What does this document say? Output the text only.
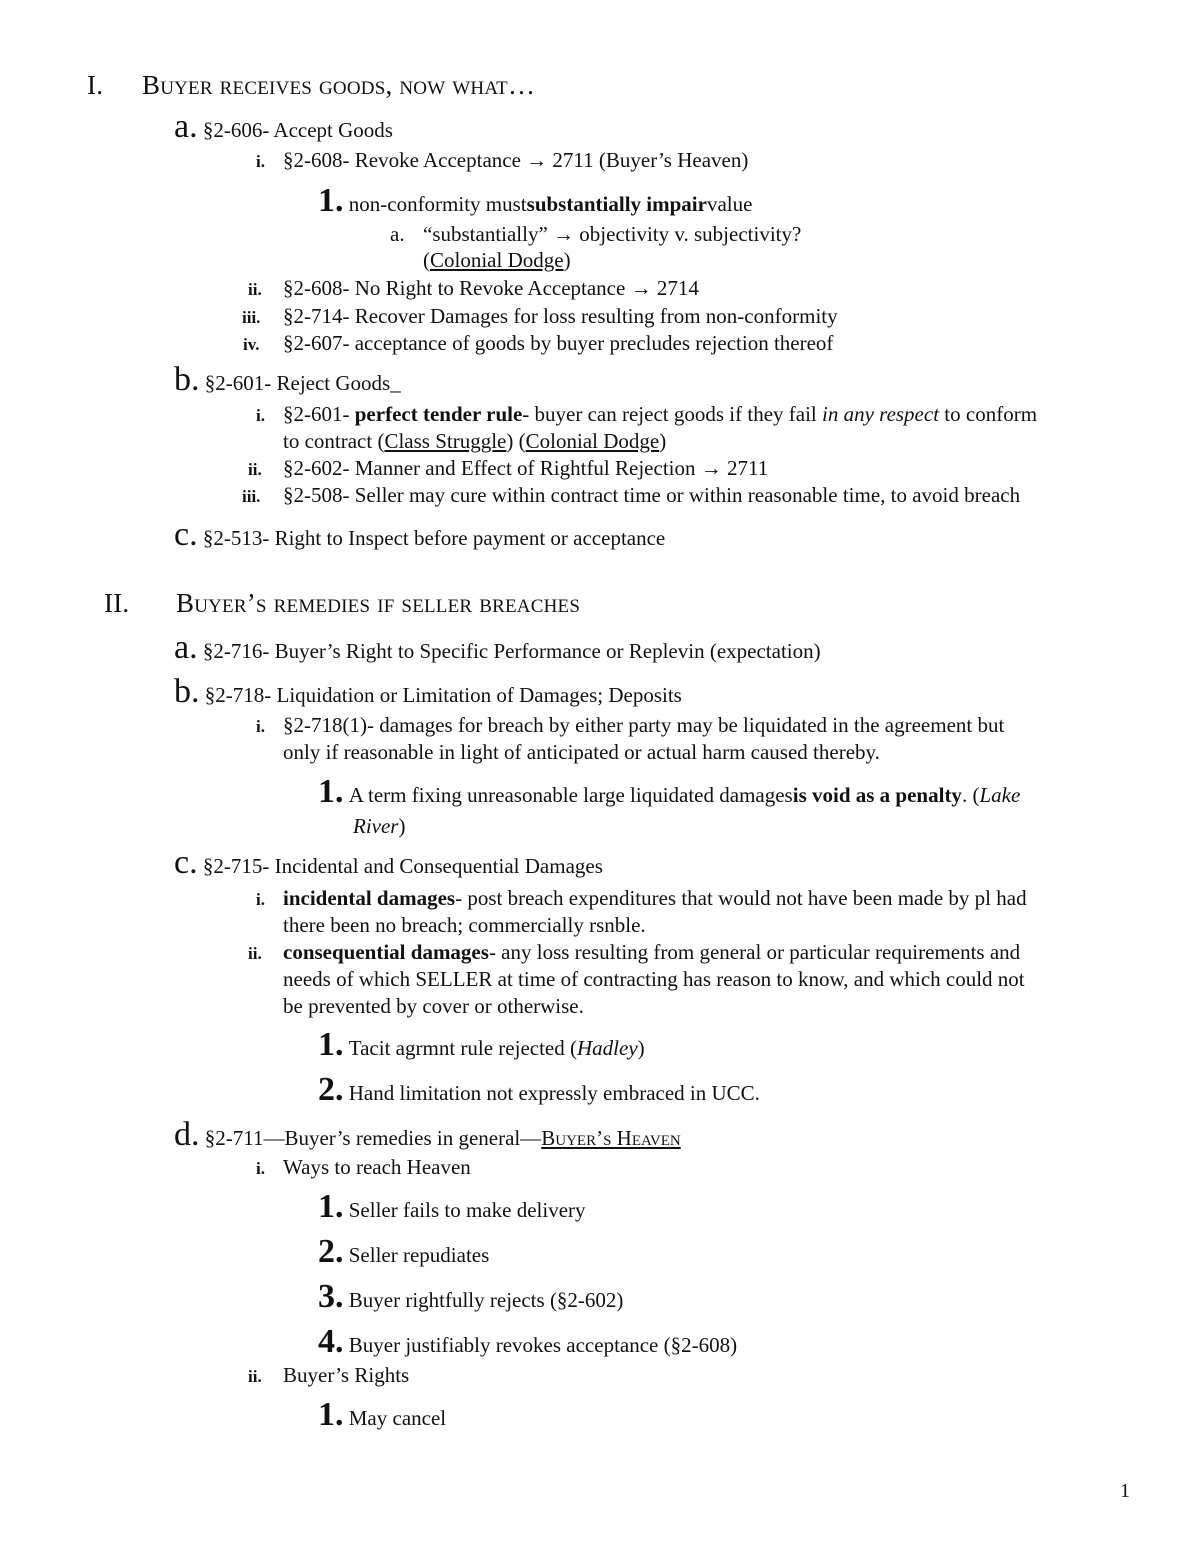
I. Buyer receives goods, now what…
a. §2-606- Accept Goods
i. §2-608- Revoke Acceptance → 2711 (Buyer’s Heaven)
1. non-conformity mustsubstantially impairvalue
a. “substantially” → objectivity v. subjectivity?
(Colonial Dodge)
ii. §2-608- No Right to Revoke Acceptance → 2714
iii. §2-714- Recover Damages for loss resulting from non-conformity
iv. §2-607- acceptance of goods by buyer precludes rejection thereof
b. §2-601- Reject Goods_
i. §2-601- perfect tender rule- buyer can reject goods if they fail in any respect to conform
to contract (Class Struggle) (Colonial Dodge)
ii. §2-602- Manner and Effect of Rightful Rejection → 2711
iii. §2-508- Seller may cure within contract time or within reasonable time, to avoid breach
c. §2-513- Right to Inspect before payment or acceptance
II. Buyer’s remedies if seller breaches
a. §2-716- Buyer’s Right to Specific Performance or Replevin (expectation)
b. §2-718- Liquidation or Limitation of Damages; Deposits
i. §2-718(1)- damages for breach by either party may be liquidated in the agreement but
only if reasonable in light of anticipated or actual harm caused thereby.
1. A term fixing unreasonable large liquidated damagesis void as a penalty. (Lake
River)
c. §2-715- Incidental and Consequential Damages
i. incidental damages- post breach expenditures that would not have been made by pl had
there been no breach; commercially rsnble.
ii. consequential damages- any loss resulting from general or particular requirements and
needs of which SELLER at time of contracting has reason to know, and which could not
be prevented by cover or otherwise.
1. Tacit agrmnt rule rejected (Hadley)
2. Hand limitation not expressly embraced in UCC.
d. §2-711—Buyer’s remedies in general—Buyer’s Heaven
i. Ways to reach Heaven
1. Seller fails to make delivery
2. Seller repudiates
3. Buyer rightfully rejects (§2-602)
4. Buyer justifiably revokes acceptance (§2-608)
ii. Buyer’s Rights
1. May cancel
1
